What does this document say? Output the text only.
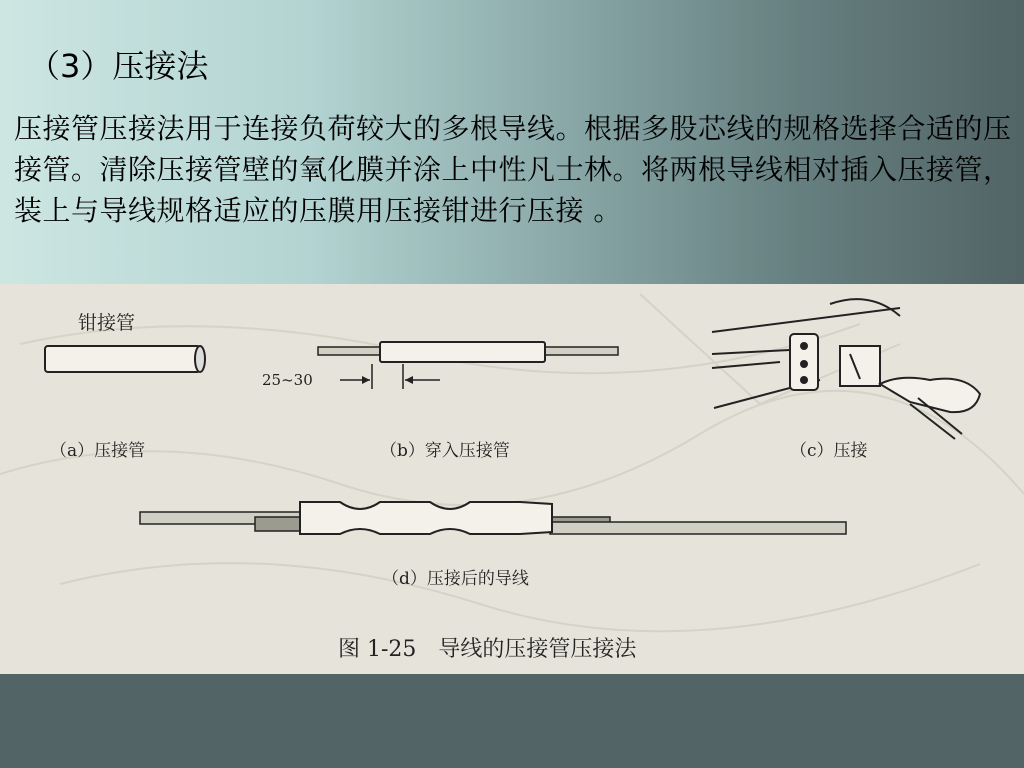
（3）压接法
压接管压接法用于连接负荷较大的多根导线。根据多股芯线的规格选择合适的压接管。清除压接管壁的氧化膜并涂上中性凡士林。将两根导线相对插入压接管，装上与导线规格适应的压膜用压接钳进行压接 。
钳接管
（a）压接管
25~30
（b）穿入压接管	（c）压接
（d）压接后的导线
图 1-25　导线的压接管压接法
